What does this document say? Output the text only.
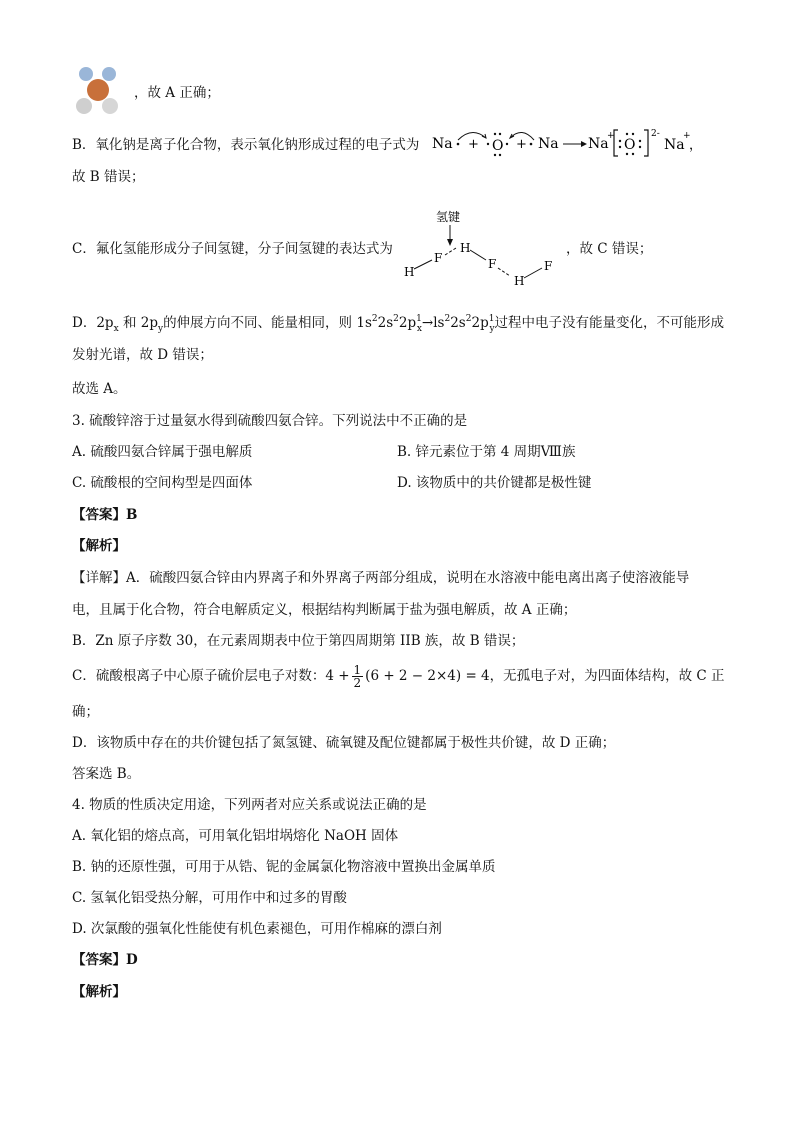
，故 A 正确；
B．氧化钠是离子化合物，表示氧化钠形成过程的电子式为 Na + O + Na Na
+
O
2-
Na
+
，
故 B 错误；
C．氟化氢能形成分子间氢键，分子间氢键的表达式为
氢键
H
F
H
F
H
F
，故 C 错误；
D．$2p_x$ 和 $2p_y$的伸展方向不同、能量相同，则 $1s^22s^22p^1_x\to ls^22s^22p^1_y$过程中电子没有能量变化，不可能形成
发射光谱，故 D 错误；
故选 A。
3. 硫酸锌溶于过量氨水得到硫酸四氨合锌。下列说法中不正确的是
A. 硫酸四氨合锌属于强电解质	B. 锌元素位于第 4 周期Ⅷ族
C. 硫酸根的空间构型是四面体	D. 该物质中的共价键都是极性键
【答案】B
【解析】
【详解】A．硫酸四氨合锌由内界离子和外界离子两部分组成，说明在水溶液中能电离出离子使溶液能导
电，且属于化合物，符合电解质定义，根据结构判断属于盐为强电解质，故 A 正确；
B．Zn 原子序数 30，在元素周期表中位于第四周期第 IIB 族，故 B 错误；
C．硫酸根离子中心原子硫价层电子对数：$4 + \frac{1}{2} (6 + 2 - 2\times 4) = 4$，无孤电子对，为四面体结构，故 C 正
确；
D．该物质中存在的共价键包括了氮氢键、硫氧键及配位键都属于极性共价键，故 D 正确；
答案选 B。
4. 物质的性质决定用途，下列两者对应关系或说法正确的是
A. 氧化铝的熔点高，可用氧化铝坩埚熔化 NaOH 固体
B. 钠的还原性强，可用于从锆、铌的金属氯化物溶液中置换出金属单质
C. 氢氧化铝受热分解，可用作中和过多的胃酸
D. 次氯酸的强氧化性能使有机色素褪色，可用作棉麻的漂白剂
【答案】D
【解析】
